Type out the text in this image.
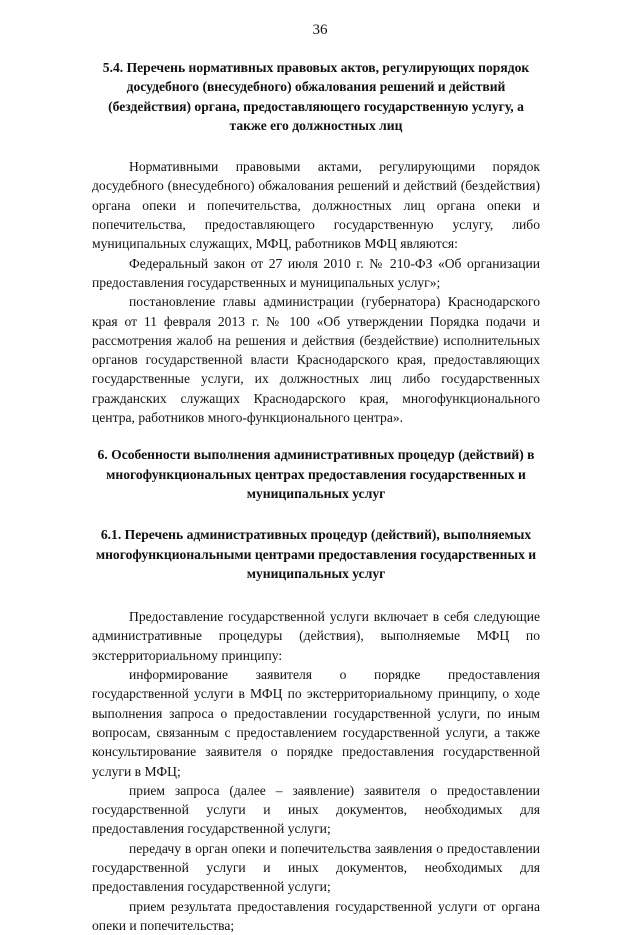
36

5.4. Перечень нормативных правовых актов, регулирующих порядок досудебного (внесудебного) обжалования решений и действий (бездействия) органа, предоставляющего государственную услугу, а также его должностных лиц

Нормативными правовыми актами, регулирующими порядок досудебного (внесудебного) обжалования решений и действий (бездействия) органа опеки и попечительства, должностных лиц органа опеки и попечительства, предоставляющего государственную услугу, либо муниципальных служащих, МФЦ, работников МФЦ являются:

Федеральный закон от 27 июля 2010 г. № 210-ФЗ «Об организации предоставления государственных и муниципальных услуг»;

постановление главы администрации (губернатора) Краснодарского края от 11 февраля 2013 г. № 100 «Об утверждении Порядка подачи и рассмотрения жалоб на решения и действия (бездействие) исполнительных органов государственной власти Краснодарского края, предоставляющих государственные услуги, их должностных лиц либо государственных гражданских служащих Краснодарского края, многофункционального центра, работников много-функционального центра».

6. Особенности выполнения административных процедур (действий) в многофункциональных центрах предоставления государственных и муниципальных услуг

6.1. Перечень административных процедур (действий), выполняемых многофункциональными центрами предоставления государственных и муниципальных услуг

Предоставление государственной услуги включает в себя следующие административные процедуры (действия), выполняемые МФЦ по экстерриториальному принципу:

информирование заявителя о порядке предоставления государственной услуги в МФЦ по экстерриториальному принципу, о ходе выполнения запроса о предоставлении государственной услуги, по иным вопросам, связанным с предоставлением государственной услуги, а также консультирование заявителя о порядке предоставления государственной услуги в МФЦ;

прием запроса (далее – заявление) заявителя о предоставлении государственной услуги и иных документов, необходимых для предоставления государственной услуги;

передачу в орган опеки и попечительства заявления о предоставлении государственной услуги и иных документов, необходимых для предоставления государственной услуги;

прием результата предоставления государственной услуги от органа опеки и попечительства;
